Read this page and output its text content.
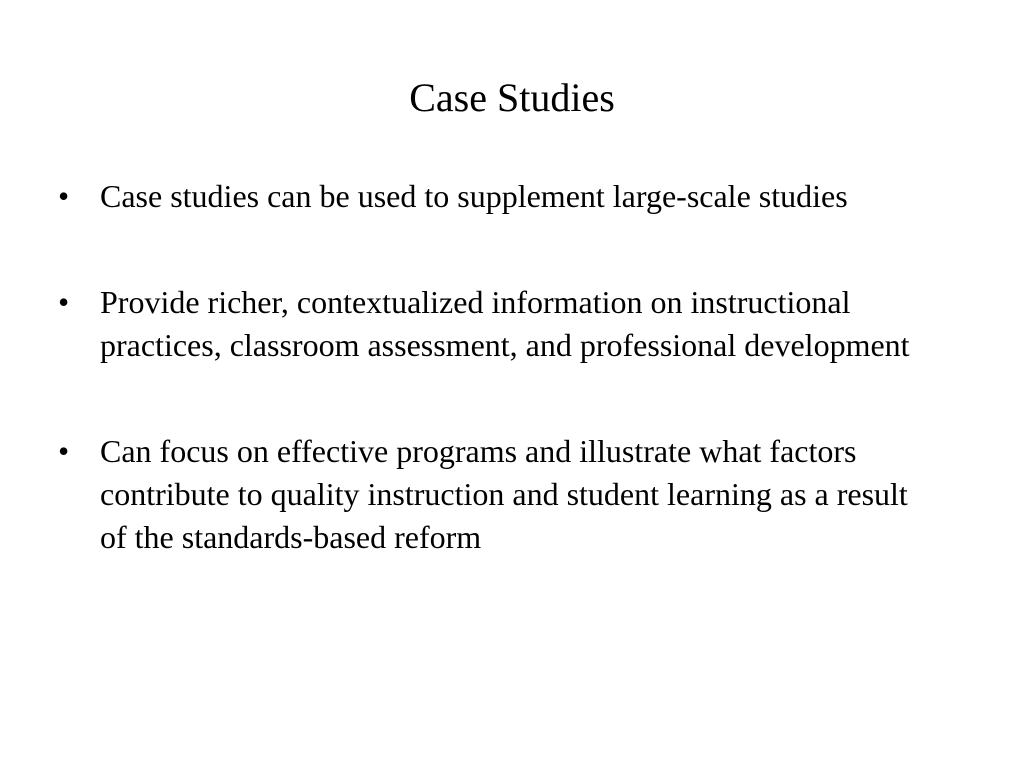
Case Studies
• Case studies can be used to supplement large-scale studies
• Provide richer, contextualized information on instructional practices, classroom assessment, and professional development
• Can focus on effective programs and illustrate what factors contribute to quality instruction and student learning as a result of the standards-based reform
